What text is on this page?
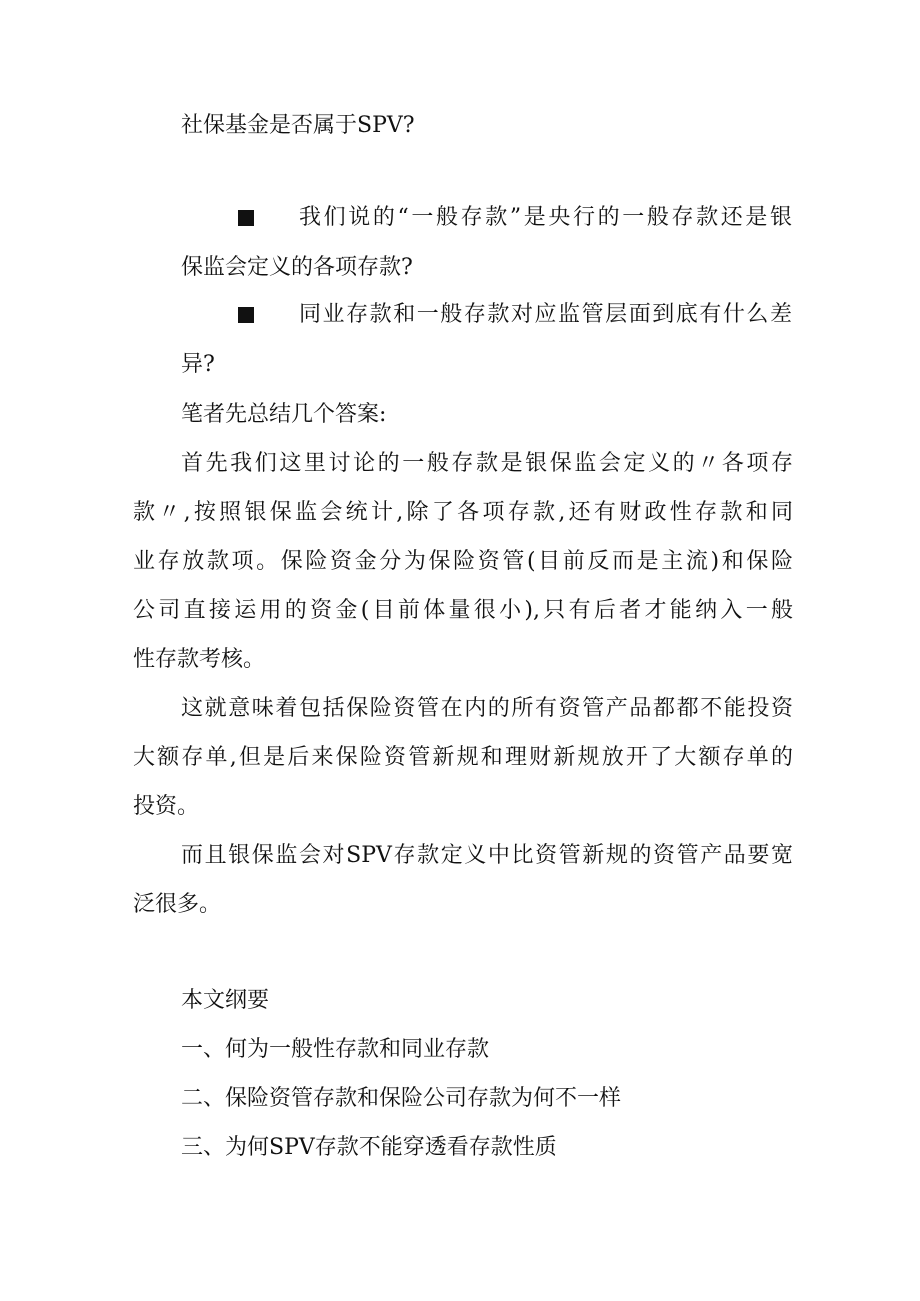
社保基金是否属于SPV?
我们说的“一般存款”是央行的一般存款还是银
保监会定义的各项存款?
同业存款和一般存款对应监管层面到底有什么差
异?
笔者先总结几个答案:
首先我们这里讨论的一般存款是银保监会定义的〃各项存
款〃,按照银保监会统计,除了各项存款,还有财政性存款和同
业存放款项。保险资金分为保险资管(目前反而是主流)和保险
公司直接运用的资金(目前体量很小),只有后者才能纳入一般
性存款考核。
这就意味着包括保险资管在内的所有资管产品都都不能投资
大额存单,但是后来保险资管新规和理财新规放开了大额存单的
投资。
而且银保监会对SPV存款定义中比资管新规的资管产品要宽
泛很多。
本文纲要
一、何为一般性存款和同业存款
二、保险资管存款和保险公司存款为何不一样
三、为何SPV存款不能穿透看存款性质
